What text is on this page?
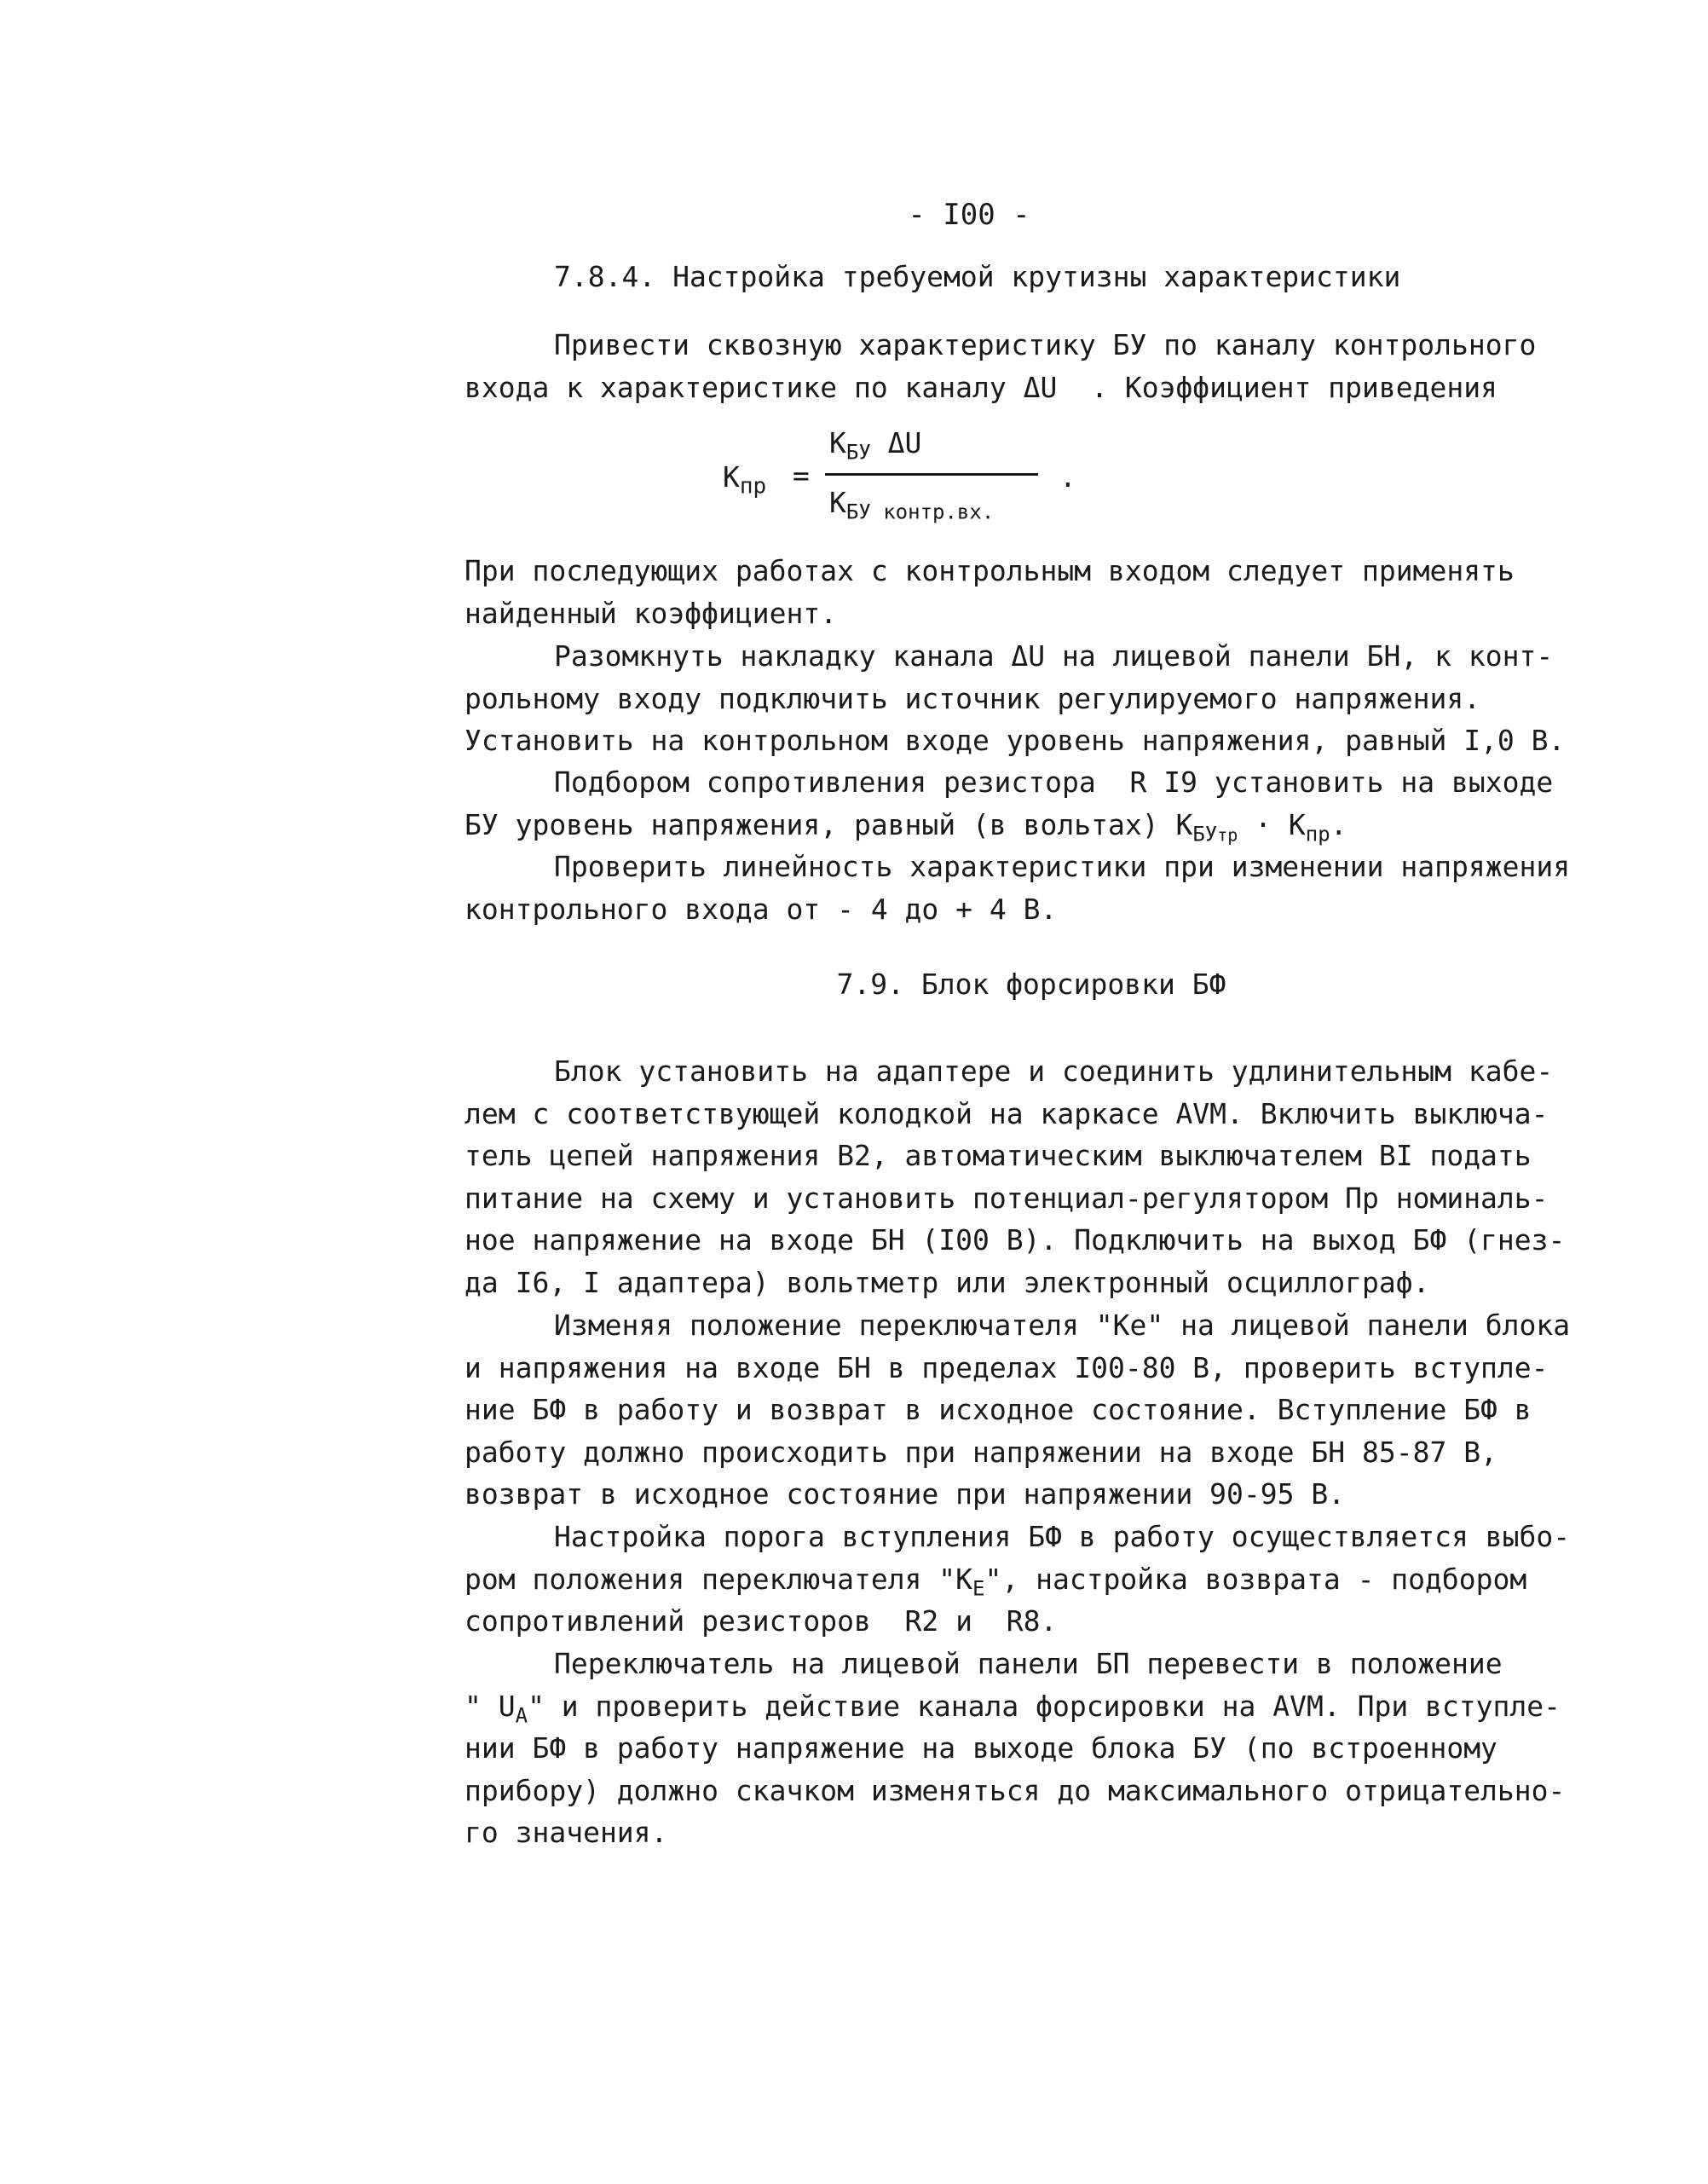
- I00 -
7.8.4. Настройка требуемой крутизны характеристики
Привести сквозную характеристику БУ по каналу контрольного
входа к характеристике по каналу ΔU  . Коэффициент приведения
$K_{пр}$ =
$K_{БУ}$ ΔU
$K_{БУ контр.вх.}$
.
При последующих работах с контрольным входом следует применять
найденный коэффициент.
Разомкнуть накладку канала ΔU на лицевой панели БН, к конт-
рольному входу подключить источник регулируемого напряжения.
Установить на контрольном входе уровень напряжения, равный I,0 В.
Подбором сопротивления резистора  R I9 установить на выходе
БУ уровень напряжения, равный (в вольтах) $K_{БУтр} \cdot K_{пр}$.
Проверить линейность характеристики при изменении напряжения
контрольного входа от - 4 до + 4 В.
7.9. Блок форсировки БФ
Блок установить на адаптере и соединить удлинительным кабе-
лем с соответствующей колодкой на каркасе AVM. Включить выключа-
тель цепей напряжения В2, автоматическим выключателем ВI подать
питание на схему и установить потенциал-регулятором Пр номиналь-
ное напряжение на входе БН (I00 В). Подключить на выход БФ (гнез-
да I6, I адаптера) вольтметр или электронный осциллограф.
Изменяя положение переключателя "Ке" на лицевой панели блока
и напряжения на входе БН в пределах I00-80 В, проверить вступле-
ние БФ в работу и возврат в исходное состояние. Вступление БФ в
работу должно происходить при напряжении на входе БН 85-87 В,
возврат в исходное состояние при напряжении 90-95 В.
Настройка порога вступления БФ в работу осуществляется выбо-
ром положения переключателя "$K_E$", настройка возврата - подбором
сопротивлений резисторов  R2 и  R8.
Переключатель на лицевой панели БП перевести в положение
" $U_A$" и проверить действие канала форсировки на AVM. При вступле-
нии БФ в работу напряжение на выходе блока БУ (по встроенному
прибору) должно скачком изменяться до максимального отрицательно-
го значения.
